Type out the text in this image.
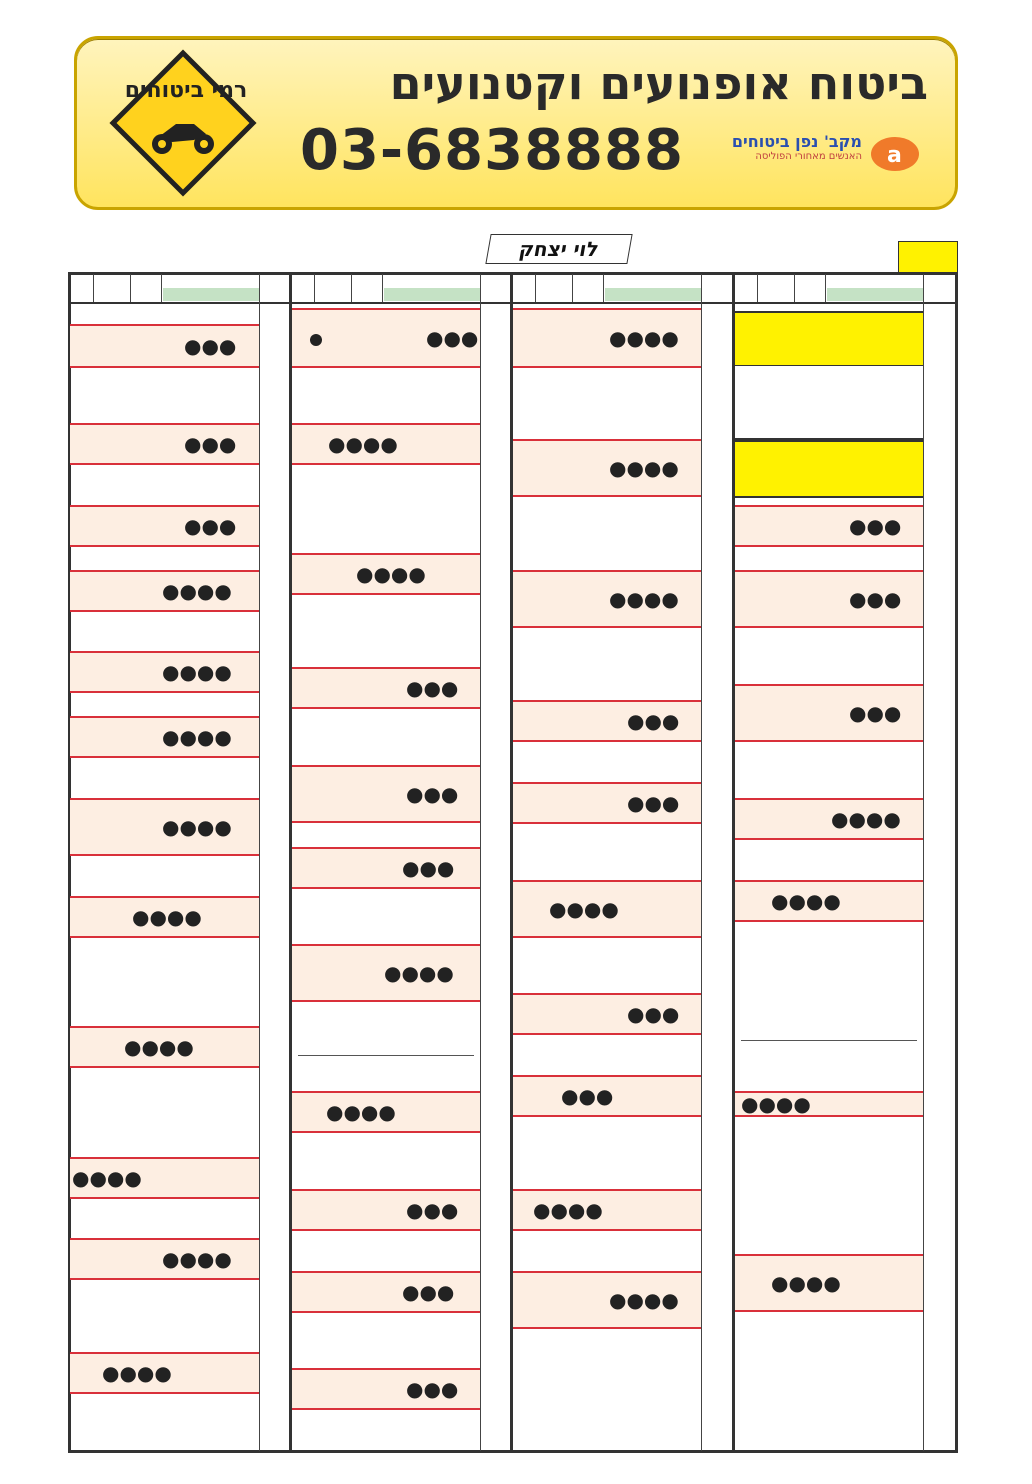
רמי ביטוחים	ביטוח אופנועים וקטנועים
03-6838888	מקב' נפן ביטוחים
האנשים מאחורי הפוליסה a
לוי יצחק
●●●
●●●
●●●
●●●●
●●●●
●●●●
●●●●
●●●●
●●●●
●●●●
●●●●
●●●●
●●●
●●●●
●●●●
●●●
●●●
●●●
●●●●
●●●●
●●●
●●●
●●●
●●●●
●●●●
●●●●
●●●
●●●
●●●●
●●●
●●●
●●●●
●●●●
●●●
●●●
●●●
●●●●
●●●●
●●●●
●●●●
